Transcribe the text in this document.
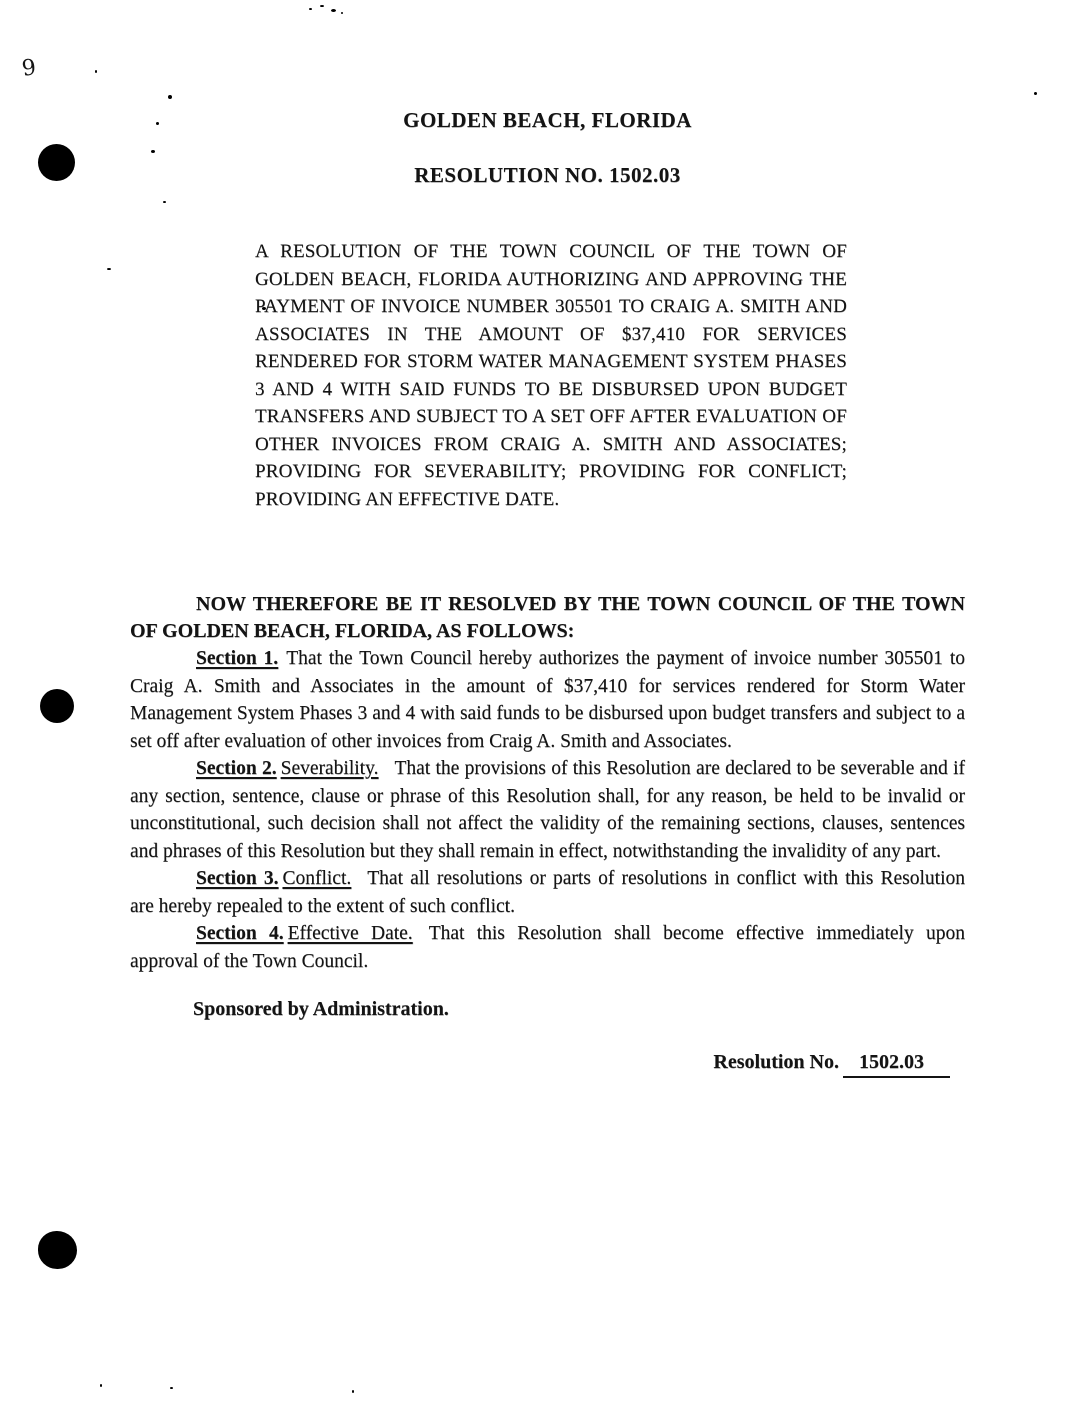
9
GOLDEN BEACH, FLORIDA
RESOLUTION NO. 1502.03

A RESOLUTION OF THE TOWN COUNCIL OF THE TOWN OF GOLDEN BEACH, FLORIDA AUTHORIZING AND APPROVING THE PAYMENT OF INVOICE NUMBER 305501 TO CRAIG A. SMITH AND ASSOCIATES IN THE AMOUNT OF $37,410 FOR SERVICES RENDERED FOR STORM WATER MANAGEMENT SYSTEM PHASES 3 AND 4 WITH SAID FUNDS TO BE DISBURSED UPON BUDGET TRANSFERS AND SUBJECT TO A SET OFF AFTER EVALUATION OF OTHER INVOICES FROM CRAIG A. SMITH AND ASSOCIATES; PROVIDING FOR SEVERABILITY; PROVIDING FOR CONFLICT; PROVIDING AN EFFECTIVE DATE.

NOW THEREFORE BE IT RESOLVED BY THE TOWN COUNCIL OF THE TOWN OF GOLDEN BEACH, FLORIDA, AS FOLLOWS:

Section 1. That the Town Council hereby authorizes the payment of invoice number 305501 to Craig A. Smith and Associates in the amount of $37,410 for services rendered for Storm Water Management System Phases 3 and 4 with said funds to be disbursed upon budget transfers and subject to a set off after evaluation of other invoices from Craig A. Smith and Associates.

Section 2. Severability. That the provisions of this Resolution are declared to be severable and if any section, sentence, clause or phrase of this Resolution shall, for any reason, be held to be invalid or unconstitutional, such decision shall not affect the validity of the remaining sections, clauses, sentences and phrases of this Resolution but they shall remain in effect, notwithstanding the invalidity of any part.

Section 3. Conflict. That all resolutions or parts of resolutions in conflict with this Resolution are hereby repealed to the extent of such conflict.

Section 4. Effective Date. That this Resolution shall become effective immediately upon approval of the Town Council.

Sponsored by Administration.

Resolution No. 1502.03
